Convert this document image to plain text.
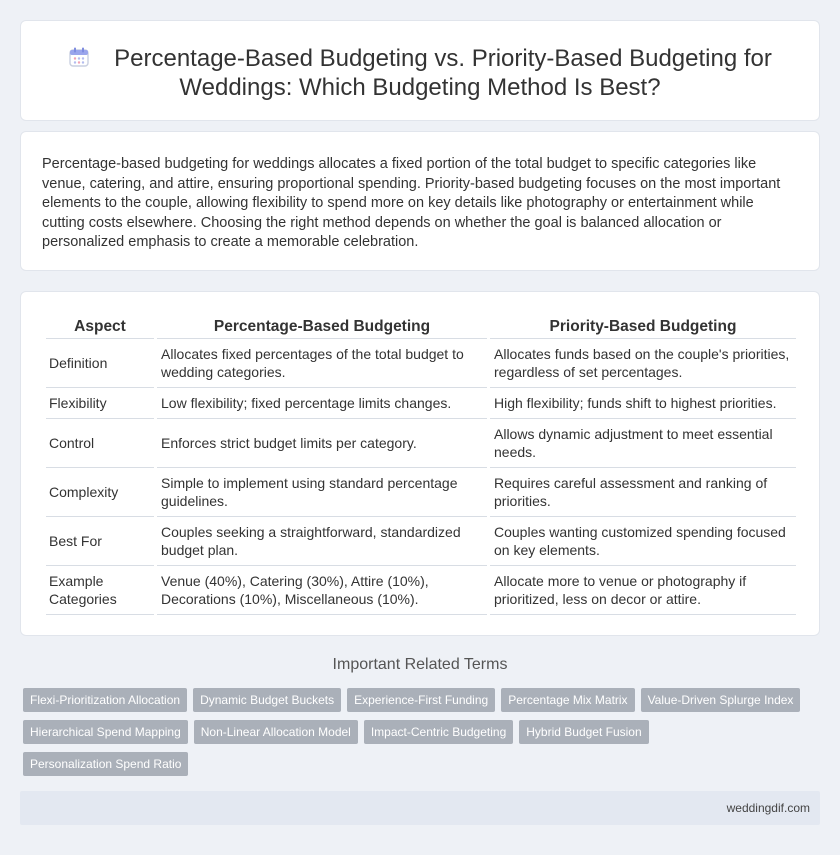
Percentage-Based Budgeting vs. Priority-Based Budgeting for
Weddings: Which Budgeting Method Is Best?

Percentage-based budgeting for weddings allocates a fixed portion of the total budget to specific categories like venue, catering, and attire, ensuring proportional spending. Priority-based budgeting focuses on the most important elements to the couple, allowing flexibility to spend more on key details like photography or entertainment while cutting costs elsewhere. Choosing the right method depends on whether the goal is balanced allocation or personalized emphasis to create a memorable celebration.

Aspect	Percentage-Based Budgeting	Priority-Based Budgeting
Definition	Allocates fixed percentages of the total budget to wedding categories.	Allocates funds based on the couple's priorities, regardless of set percentages.
Flexibility	Low flexibility; fixed percentage limits changes.	High flexibility; funds shift to highest priorities.
Control	Enforces strict budget limits per category.	Allows dynamic adjustment to meet essential needs.
Complexity	Simple to implement using standard percentage guidelines.	Requires careful assessment and ranking of priorities.
Best For	Couples seeking a straightforward, standardized budget plan.	Couples wanting customized spending focused on key elements.
Example Categories	Venue (40%), Catering (30%), Attire (10%), Decorations (10%), Miscellaneous (10%).	Allocate more to venue or photography if prioritized, less on decor or attire.
Important Related Terms
Flexi-Prioritization Allocation	Dynamic Budget Buckets	Experience-First Funding	Percentage Mix Matrix	Value-Driven Splurge Index
Hierarchical Spend Mapping	Non-Linear Allocation Model	Impact-Centric Budgeting	Hybrid Budget Fusion
Personalization Spend Ratio
weddingdif.com
